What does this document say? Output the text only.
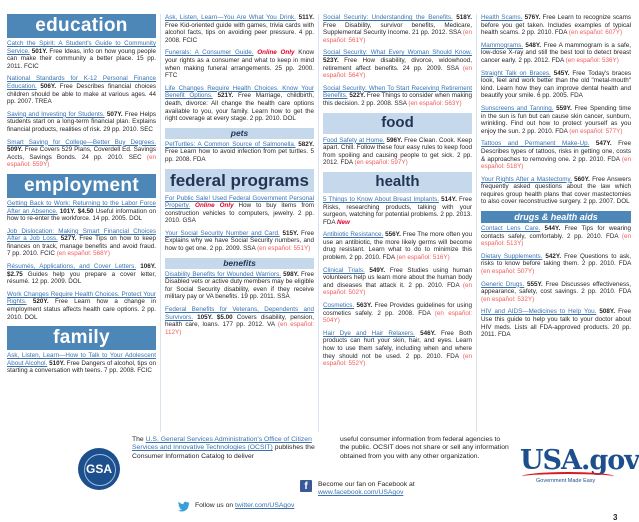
education
Catch the Spirit: A Student's Guide to Community Service. 501Y. Free Ideas, info on how young people can make their community a better place. 15 pp. 2011. FCIC
National Standards for K-12 Personal Finance Education. 506Y. Free Describes financial choices children should be able to make at various ages. 44 pp. 2007. TREA
Saving and Investing for Students. 507Y. Free Helps students start on a long-term financial plan. Explains financial products, realities of risk. 29 pp. 2010. SEC
Smart Saving for College—Better Buy Degrees. 509Y. Free Covers 529 Plans, Coverdell Ed. Savings Accts, Savings Bonds. 24 pp. 2010. SEC (en español: 559Y)
employment
Getting Back to Work: Returning to the Labor Force After an Absence. 101Y. $4.50 Useful information on how to re-enter the workforce. 14 pp. 2005. DOL
Job Dislocation: Making Smart Financial Choices After a Job Loss. 527Y. Free Tips on how to keep finances on track, manage benefits and avoid fraud. 7 pp. 2010. FCIC (en español: 568Y)
Résumés, Applications, and Cover Letters. 106Y. $2.75 Guides help you prepare a cover letter, résumé. 12 pp. 2009. DOL
Work Changes Require Health Choices. Protect Your Rights. 520Y. Free Learn how a change in employment status affects health care options. 2 pp. 2010. DOL
family
Ask, Listen, Learn—How to Talk to Your Adolescent About Alcohol. 510Y. Free Dangers of alcohol, tips on starting a conversation with teens. 7 pp. 2008. FCIC
Ask, Listen, Learn—You Are What You Drink. 511Y. Free Kid-oriented guide with games, trivia cards with alcohol facts, tips on avoiding peer pressure. 4 pp. 2008. FCIC
Funerals: A Consumer Guide. Online Only Know your rights as a consumer and what to keep in mind when making funeral arrangements. 25 pp. 2000. FTC
Life Changes Require Health Choices. Know Your Benefit Options. 521Y. Free Marriage, childbirth, death, divorce: All change the health care options available to you, your family. Learn how to get the right coverage at every stage. 2 pp. 2010. DOL
pets
PetTurtles: A Common Source of Salmonella. 582Y. Free Learn how to avoid infection from pet turtles. 5 pp. 2008. FDA
federal programs
For Public Sale! Used Federal Government Personal Property. Online Only How to buy items from construction vehicles to computers, jewelry. 2 pp. 2010. GSA
Your Social Security Number and Card. 515Y. Free Explains why we have Social Security numbers, and how to get one. 2 pp. 2009. SSA (en español: 551Y)
benefits
Disability Benefits for Wounded Warriors. 598Y. Free Disabled vets or active duty members may be eligible for Social Security disability, even if they receive military pay or VA benefits. 19 pp. 2011. SSA
Federal Benefits for Veterans, Dependents and Survivors. 105Y. $5.00 Covers disability, pension, health care, loans. 177 pp. 2012. VA (en español: 112Y)
Social Security: Understanding the Benefits. 518Y. Free Disability, survivor benefits, Medicare, Supplemental Security Income. 21 pp. 2012. SSA (en español: 561Y)
Social Security: What Every Woman Should Know. 523Y. Free How disability, divorce, widowhood, retirement affect benefits. 24 pp. 2009. SSA (en español: 564Y)
Social Security: When To Start Receiving Retirement Benefits. 522Y. Free Things to consider when making this decision. 2 pp. 2008. SSA (en español: 563Y)
food
Food Safety at Home. 596Y. Free Clean. Cook. Keep apart. Chill. Follow these four easy rules to keep food from spoiling and causing people to get sick. 2 pp. 2012. FDA (en español: 597Y)
health
5 Things to Know About Breast Implants. 514Y. Free Risks, researching products, talking with your surgeon, watching for potential problems. 2 pp. 2013. FDA New
Antibiotic Resistance. 556Y. Free The more often you use an antibiotic, the more likely germs will become drug resistant. Learn what to do to minimize this problem. 2 pp. 2010. FDA (en español: 516Y)
Clinical Trials. 549Y. Free Studies using human volunteers help us learn more about the human body and diseases that attack it. 2 pp. 2010. FDA (en español: 502Y)
Cosmetics. 563Y. Free Provides guidelines for using cosmetics safely. 2 pp. 2008. FDA (en español: 504Y)
Hair Dye and Hair Relaxers. 546Y. Free Both products can hurt your skin, hair, and eyes. Learn how to use them safely, including when and where they should not be used. 2 pp. 2010. FDA (en español: 552Y)
Health Scams. 576Y. Free Learn to recognize scams before you get taken. Includes examples of typical health scams. 2 pp. 2010. FDA (en español: 607Y)
Mammograms. 548Y. Free A mammogram is a safe, low-dose X-ray and still the best tool to detect breast cancer early. 2 pp. 2012. FDA (en español: 536Y)
Straight Talk on Braces. 545Y. Free Today's braces look, feel and work better than the old "metal-mouth" kind. Learn how they can improve dental health and beautify your smile. 6 pp. 2005. FDA
Sunscreens and Tanning. 559Y. Free Spending time in the sun is fun but can cause skin cancer, sunburn, wrinkling. Find out how to protect yourself as you enjoy the sun. 2 pp. 2010. FDA (en español: 577Y)
Tattoos and Permanent Make-Up. 547Y. Free Describes types of tattoos, risks in getting one, costs & approaches to removing one. 2 pp. 2010. FDA (en español: 518Y)
Your Rights After a Mastectomy. 560Y. Free Answers frequently asked questions about the law which requires group health plans that cover mastectomies to also cover reconstructive surgery. 2 pp. 2007. DOL
drugs & health aids
Contact Lens Care. 544Y. Free Tips for wearing contacts safely, comfortably. 2 pp. 2010. FDA (en español: 513Y)
Dietary Supplements. 542Y. Free Questions to ask, risks to know before taking them. 2 pp. 2010. FDA (en español: 507Y)
Generic Drugs. 555Y. Free Discusses effectiveness, appearance, safety, cost savings. 2 pp. 2010. FDA (en español: 532Y)
HIV and AIDS—Medicines to Help You. 508Y. Free Use this guide to help you talk to your doctor about HIV meds. Lists all FDA-approved products. 20 pp. 2011. FDA
GSA
The U.S. General Services Administration's Office of Citizen Services and Innovative Technologies (OCSIT) publishes the Consumer Information Catalog to deliver
useful consumer information from federal agencies to the public. OCSIT does not share or sell any information obtained from you with any other organization.
Follow us on twitter.com/USAgov
f	Become our fan on Facebook at
www.facebook.com/USAgov
USA.gov
Government Made Easy
3
